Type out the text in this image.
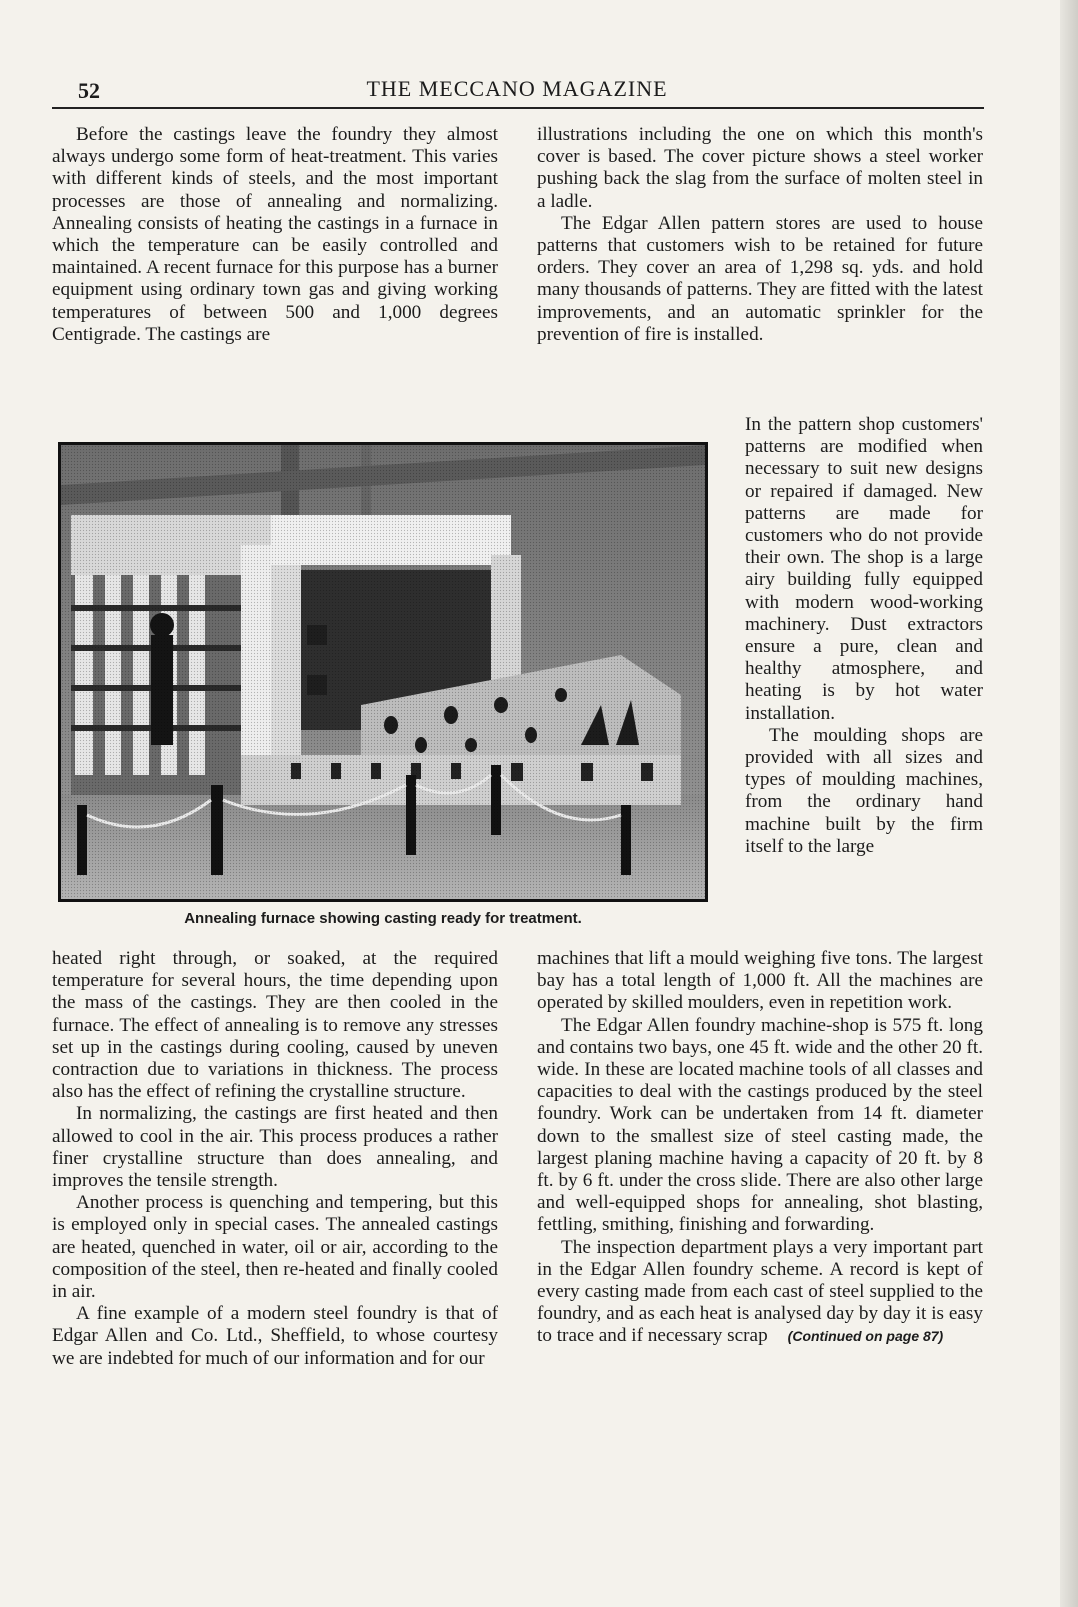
52	THE MECCANO MAGAZINE

Before the castings leave the foundry they almost always undergo some form of heat-treatment. This varies with different kinds of steels, and the most important processes are those of annealing and normalizing. Annealing consists of heating the castings in a furnace in which the temperature can be easily controlled and maintained. A recent furnace for this purpose has a burner equipment using ordinary town gas and giving working temperatures of between 500 and 1,000 degrees Centigrade. The castings are

illustrations including the one on which this month's cover is based. The cover picture shows a steel worker pushing back the slag from the surface of molten steel in a ladle.

The Edgar Allen pattern stores are used to house patterns that customers wish to be retained for future orders. They cover an area of 1,298 sq. yds. and hold many thousands of patterns. They are fitted with the latest improvements, and an automatic sprinkler for the prevention of fire is installed.

Annealing furnace showing casting ready for treatment.

In the pattern shop customers' patterns are modified when necessary to suit new designs or repaired if damaged. New patterns are made for customers who do not provide their own. The shop is a large airy building fully equipped with modern wood-working machinery. Dust extractors ensure a pure, clean and healthy atmosphere, and heating is by hot water installation.

The moulding shops are provided with all sizes and types of moulding machines, from the ordinary hand machine built by the firm itself to the large

heated right through, or soaked, at the required temperature for several hours, the time depending upon the mass of the castings. They are then cooled in the furnace. The effect of annealing is to remove any stresses set up in the castings during cooling, caused by uneven contraction due to variations in thickness. The process also has the effect of refining the crystalline structure.

In normalizing, the castings are first heated and then allowed to cool in the air. This process produces a rather finer crystalline structure than does annealing, and improves the tensile strength.

Another process is quenching and tempering, but this is employed only in special cases. The annealed castings are heated, quenched in water, oil or air, according to the composition of the steel, then re-heated and finally cooled in air.

A fine example of a modern steel foundry is that of Edgar Allen and Co. Ltd., Sheffield, to whose courtesy we are indebted for much of our information and for our

machines that lift a mould weighing five tons. The largest bay has a total length of 1,000 ft. All the machines are operated by skilled moulders, even in repetition work.

The Edgar Allen foundry machine-shop is 575 ft. long and contains two bays, one 45 ft. wide and the other 20 ft. wide. In these are located machine tools of all classes and capacities to deal with the castings produced by the steel foundry. Work can be undertaken from 14 ft. diameter down to the smallest size of steel casting made, the largest planing machine having a capacity of 20 ft. by 8 ft. by 6 ft. under the cross slide. There are also other large and well-equipped shops for annealing, shot blasting, fettling, smithing, finishing and forwarding.

The inspection department plays a very important part in the Edgar Allen foundry scheme. A record is kept of every casting made from each cast of steel supplied to the foundry, and as each heat is analysed day by day it is easy to trace and if necessary scrap (Continued on page 87)
